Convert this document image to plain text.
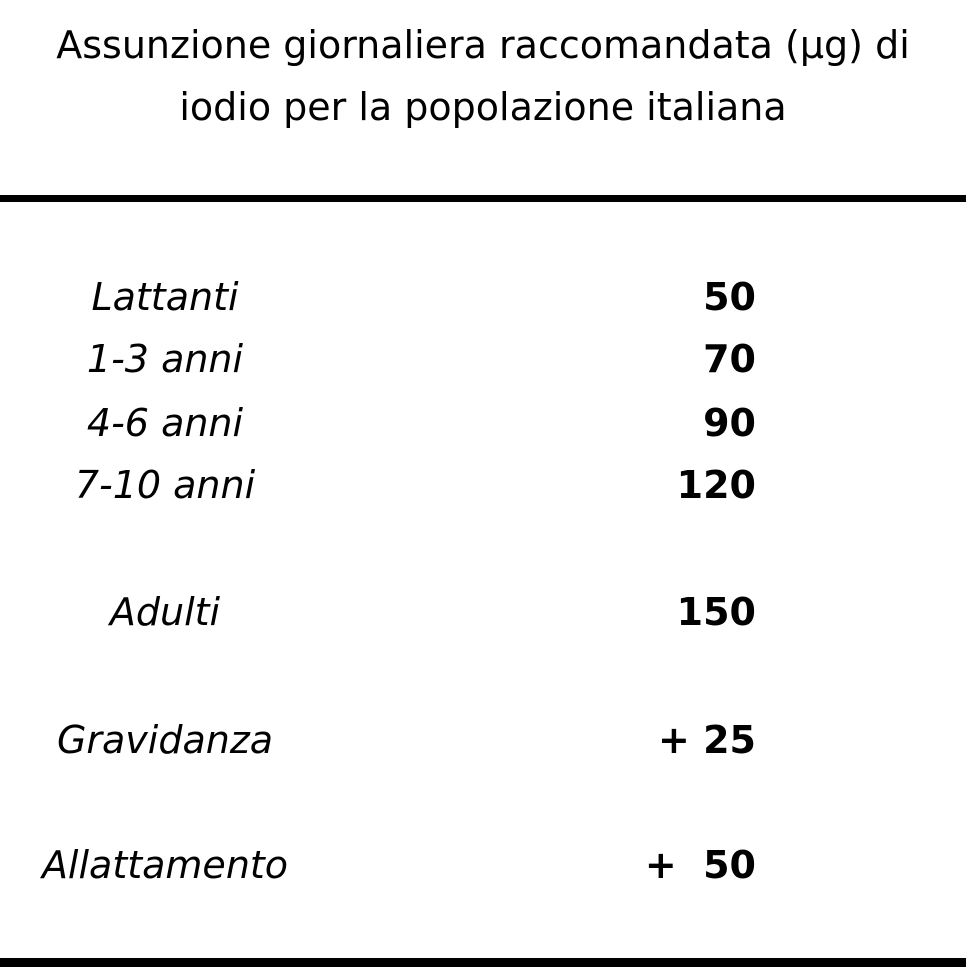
Assunzione giornaliera raccomandata (µg) di
iodio per la popolazione italiana
Lattanti	50
1-3 anni	70
4-6 anni	90
7-10 anni	120
Adulti	150
Gravidanza	+ 25
Allattamento	+  50
